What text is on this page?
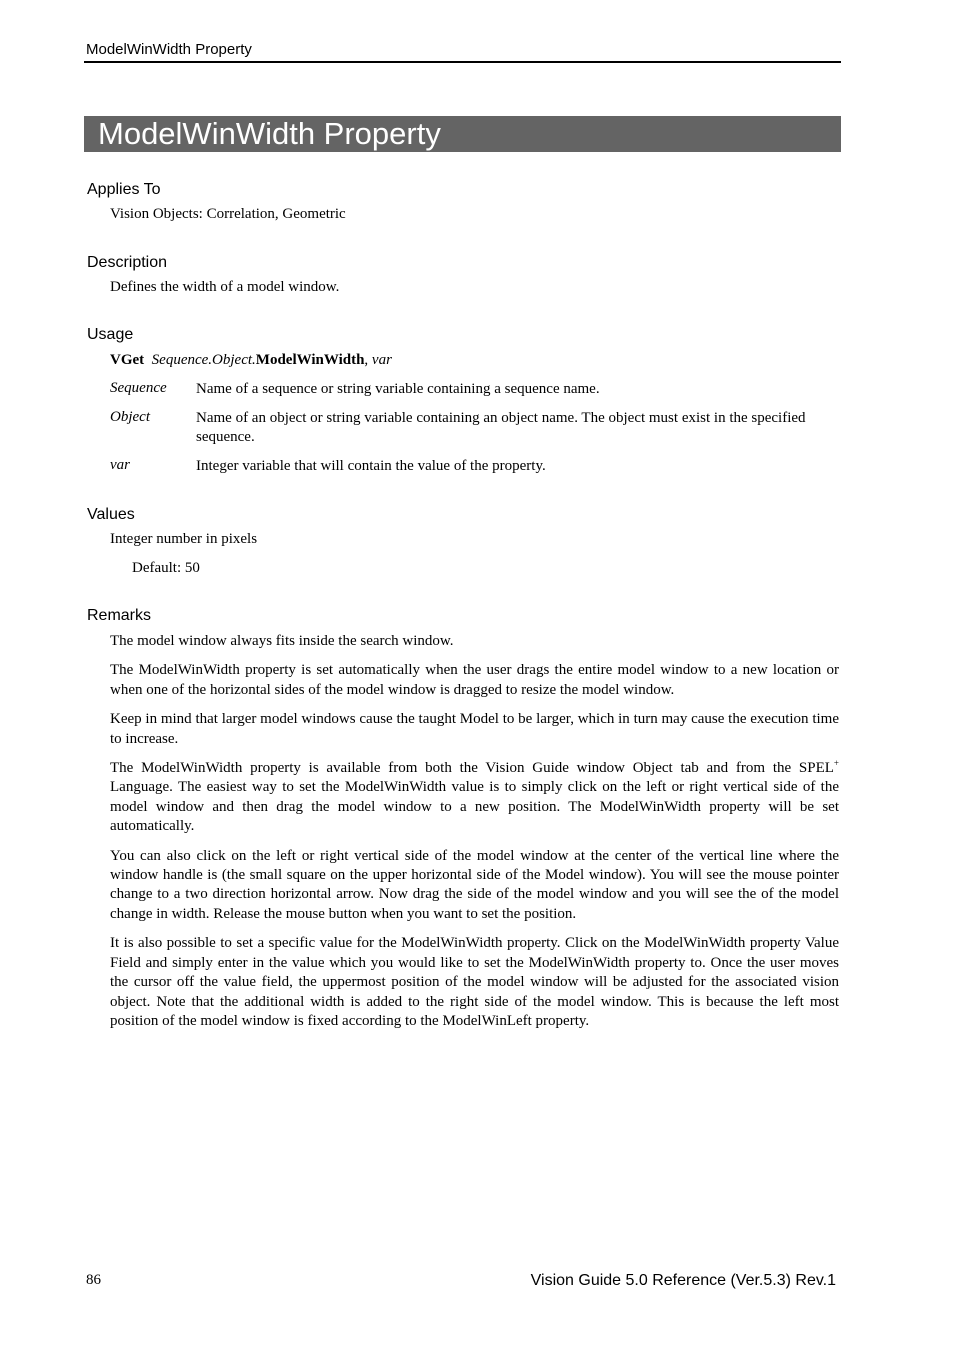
ModelWinWidth Property
ModelWinWidth Property
Applies To
Vision Objects: Correlation, Geometric
Description
Defines the width of a model window.
Usage
VGet Sequence.Object.ModelWinWidth, var
Sequence Name of a sequence or string variable containing a sequence name.
Object	Name of an object or string variable containing an object name. The object must exist in the specified sequence.
var	Integer variable that will contain the value of the property.
Values
Integer number in pixels
Default: 50
Remarks

The model window always fits inside the search window.

The ModelWinWidth property is set automatically when the user drags the entire model window to a new location or when one of the horizontal sides of the model window is dragged to resize the model window.

Keep in mind that larger model windows cause the taught Model to be larger, which in turn may cause the execution time to increase.

The ModelWinWidth property is available from both the Vision Guide window Object tab and from the SPEL+ Language. The easiest way to set the ModelWinWidth value is to simply click on the left or right vertical side of the model window and then drag the model window to a new position. The ModelWinWidth property will be set automatically.

You can also click on the left or right vertical side of the model window at the center of the vertical line where the window handle is (the small square on the upper horizontal side of the Model window). You will see the mouse pointer change to a two direction horizontal arrow. Now drag the side of the model window and you will see the of the model change in width. Release the mouse button when you want to set the position.

It is also possible to set a specific value for the ModelWinWidth property. Click on the ModelWinWidth property Value Field and simply enter in the value which you would like to set the ModelWinWidth property to. Once the user moves the cursor off the value field, the uppermost position of the model window will be adjusted for the associated vision object. Note that the additional width is added to the right side of the model window. This is because the left most position of the model window is fixed according to the ModelWinLeft property.

86	Vision Guide 5.0 Reference (Ver.5.3) Rev.1
